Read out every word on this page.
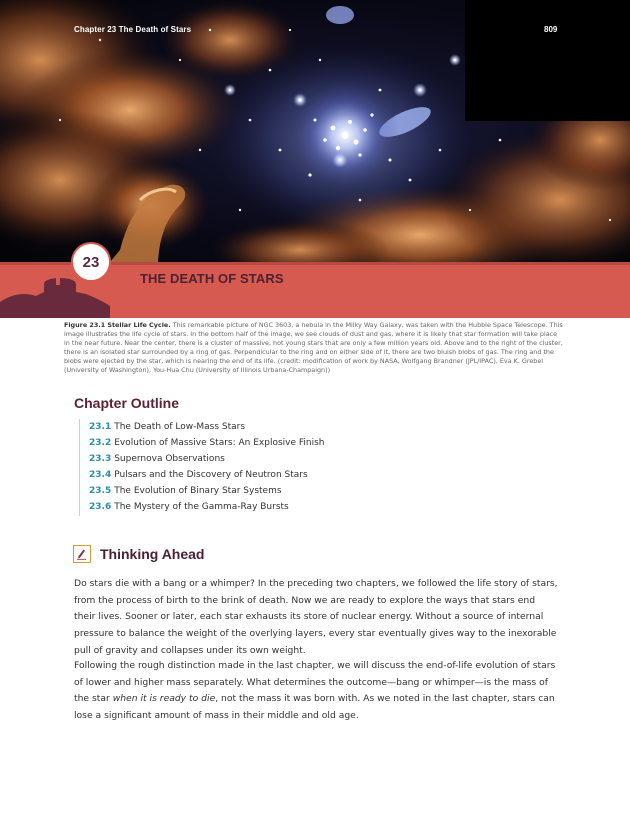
Chapter 23 The Death of Stars	809
23
THE DEATH OF STARS
Figure 23.1 Stellar Life Cycle. This remarkable picture of NGC 3603, a nebula in the Milky Way Galaxy, was taken with the Hubble Space Telescope. This image illustrates the life cycle of stars. In the bottom half of the image, we see clouds of dust and gas, where it is likely that star formation will take place in the near future. Near the center, there is a cluster of massive, hot young stars that are only a few million years old. Above and to the right of the cluster, there is an isolated star surrounded by a ring of gas. Perpendicular to the ring and on either side of it, there are two bluish blobs of gas. The ring and the blobs were ejected by the star, which is nearing the end of its life. (credit: modification of work by NASA, Wolfgang Brandner (JPL/IPAC), Eva K. Grebel (University of Washington), You-Hua Chu (University of Illinois Urbana-Champaign))
Chapter Outline
23.1 The Death of Low-Mass Stars
23.2 Evolution of Massive Stars: An Explosive Finish
23.3 Supernova Observations
23.4 Pulsars and the Discovery of Neutron Stars
23.5 The Evolution of Binary Star Systems
23.6 The Mystery of the Gamma-Ray Bursts
Thinking Ahead

Do stars die with a bang or a whimper? In the preceding two chapters, we followed the life story of stars, from the process of birth to the brink of death. Now we are ready to explore the ways that stars end their lives. Sooner or later, each star exhausts its store of nuclear energy. Without a source of internal pressure to balance the weight of the overlying layers, every star eventually gives way to the inexorable pull of gravity and collapses under its own weight.

Following the rough distinction made in the last chapter, we will discuss the end-of-life evolution of stars of lower and higher mass separately. What determines the outcome—bang or whimper—is the mass of the star when it is ready to die, not the mass it was born with. As we noted in the last chapter, stars can lose a significant amount of mass in their middle and old age.
